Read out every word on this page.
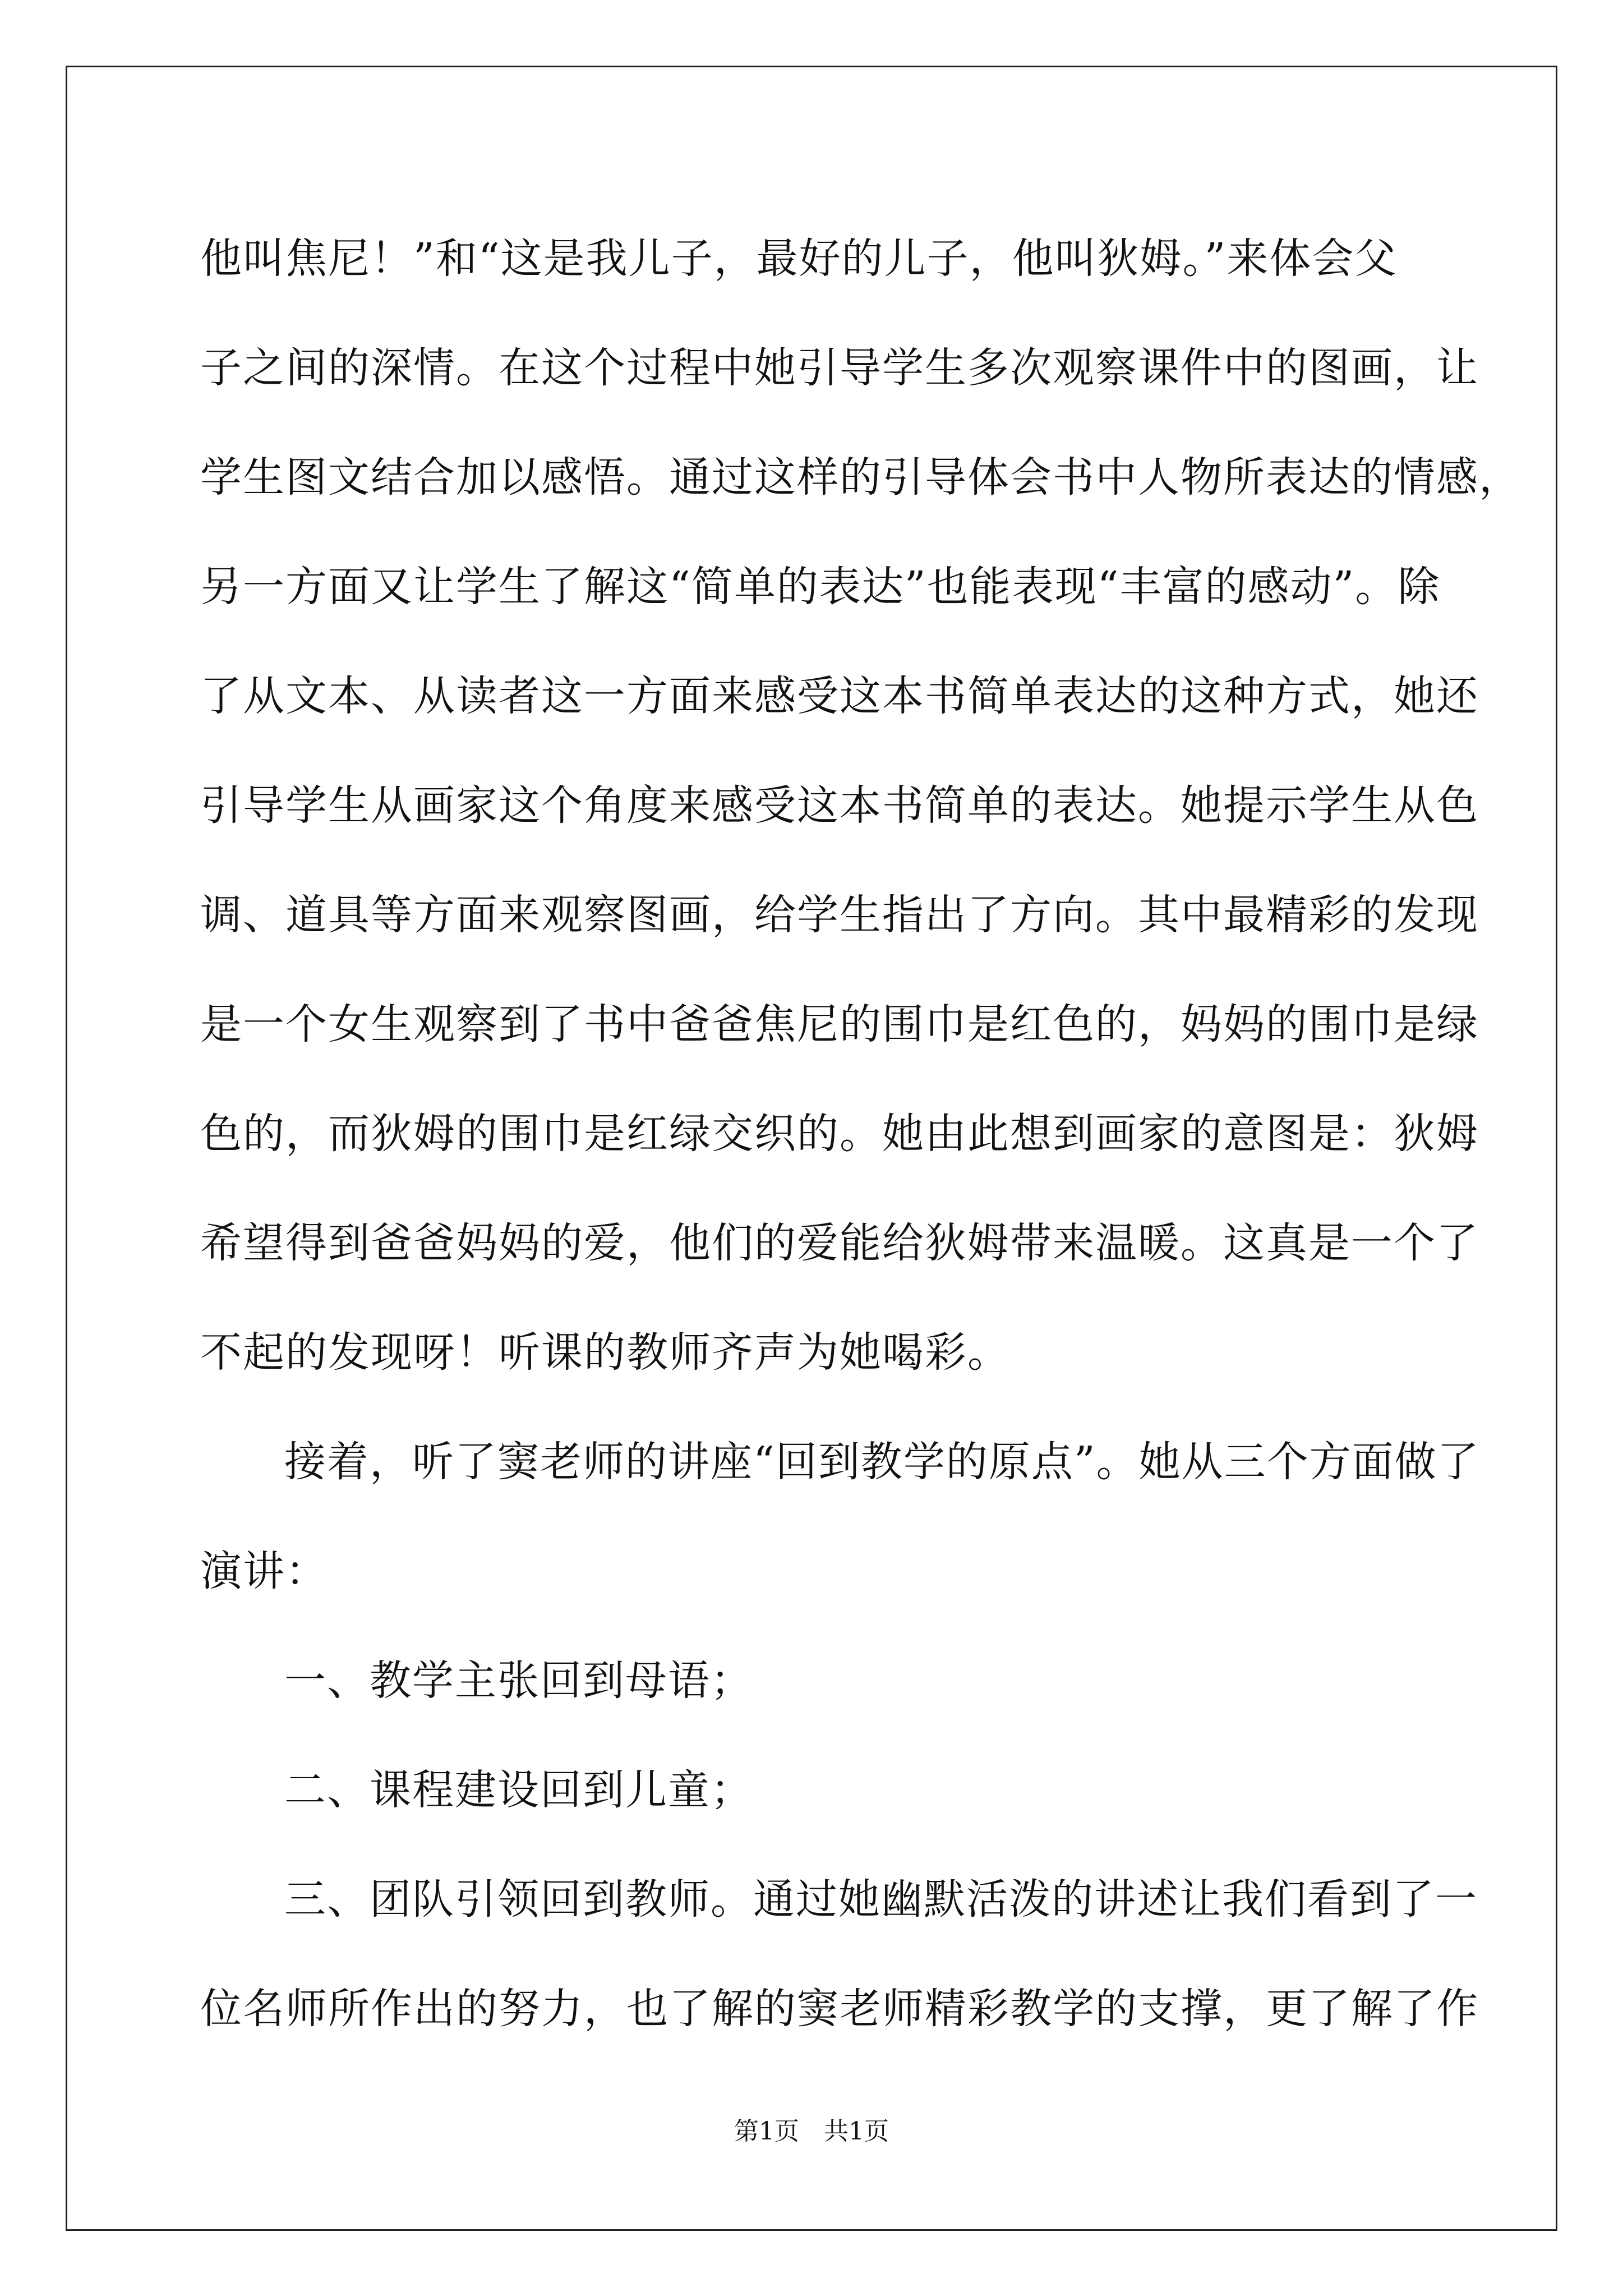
他叫焦尼！”和“这是我儿子，最好的儿子，他叫狄姆。”来体会父

子之间的深情。在这个过程中她引导学生多次观察课件中的图画，让

学生图文结合加以感悟。通过这样的引导体会书中人物所表达的情感，

另一方面又让学生了解这“简单的表达”也能表现“丰富的感动”。除

了从文本、从读者这一方面来感受这本书简单表达的这种方式，她还

引导学生从画家这个角度来感受这本书简单的表达。她提示学生从色

调、道具等方面来观察图画，给学生指出了方向。其中最精彩的发现

是一个女生观察到了书中爸爸焦尼的围巾是红色的，妈妈的围巾是绿

色的，而狄姆的围巾是红绿交织的。她由此想到画家的意图是：狄姆

希望得到爸爸妈妈的爱，他们的爱能给狄姆带来温暖。这真是一个了

不起的发现呀！听课的教师齐声为她喝彩。

接着，听了窦老师的讲座“回到教学的原点”。她从三个方面做了

演讲：

一、教学主张回到母语；

二、课程建设回到儿童；

三、团队引领回到教师。通过她幽默活泼的讲述让我们看到了一

位名师所作出的努力，也了解的窦老师精彩教学的支撑，更了解了作

第1页　共1页
